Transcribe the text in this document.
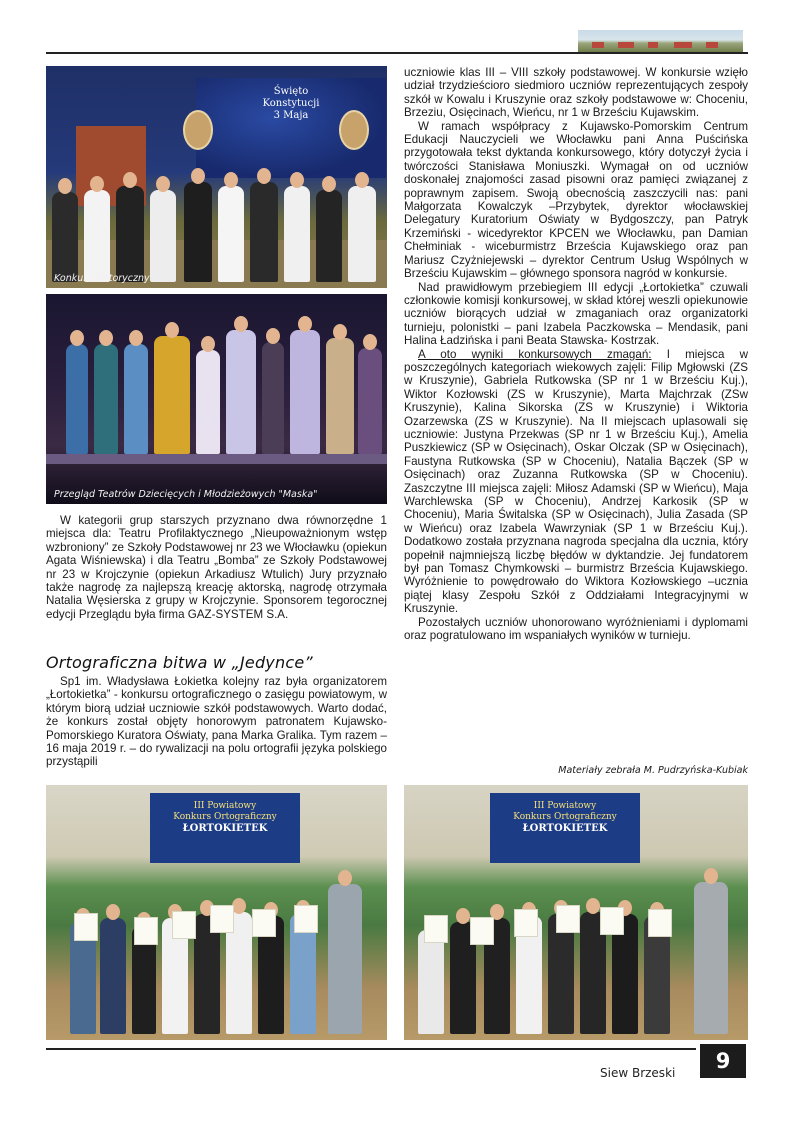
Święto
Konstytucji
3 Maja
Konkurs historyczny
Przegląd Teatrów Dziecięcych i Młodzieżowych "Maska"

W kategorii grup starszych przyznano dwa równorzędne 1 miejsca dla: Teatru Profilaktycznego „Nieupoważnionym wstęp wzbroniony” ze Szkoły Podstawowej nr 23 we Włocławku (opiekun Agata Wiśniewska) i dla Teatru „Bomba” ze Szkoły Podstawowej nr 23 w Krojczynie (opiekun Arkadiusz Wtulich) Jury przyznało także nagrodę za najlepszą kreację aktorską, nagrodę otrzymała Natalia Węsierska z grupy w Krojczynie. Sponsorem tegorocznej edycji Przeglądu była firma GAZ-SYSTEM S.A.

Ortograficzna bitwa w „Jedynce”

Sp1 im. Władysława Łokietka kolejny raz była organizatorem „Łortokietka” - konkursu ortograficznego o zasięgu powiatowym, w którym biorą udział uczniowie szkół podstawowych. Warto dodać, że konkurs został objęty honorowym patronatem Kujawsko- Pomorskiego Kuratora Oświaty, pana Marka Gralika. Tym razem –16 maja 2019 r. – do rywalizacji na polu ortografii języka polskiego przystąpili

uczniowie klas III – VIII szkoły podstawowej. W konkursie wzięło udział trzydzieścioro siedmioro uczniów reprezentujących zespoły szkół w Kowalu i Kruszynie oraz szkoły podstawowe w: Choceniu, Brzeziu, Osięcinach, Wieńcu, nr 1 w Brześciu Kujawskim.

W ramach współpracy z Kujawsko-Pomorskim Centrum Edukacji Nauczycieli we Włocławku pani Anna Puścińska przygotowała tekst dyktanda konkursowego, który dotyczył życia i twórczości Stanisława Moniuszki. Wymagał on od uczniów doskonałej znajomości zasad pisowni oraz pamięci związanej z poprawnym zapisem. Swoją obecnością zaszczycili nas: pani Małgorzata Kowalczyk –Przybytek, dyrektor włocławskiej Delegatury Kuratorium Oświaty w Bydgoszczy, pan Patryk Krzemiński - wicedyrektor KPCEN we Włocławku, pan Damian Chełminiak - wiceburmistrz Brześcia Kujawskiego oraz pan Mariusz Czyżniejewski – dyrektor Centrum Usług Wspólnych w Brześciu Kujawskim – głównego sponsora nagród w konkursie.

Nad prawidłowym przebiegiem III edycji „Łortokietka” czuwali członkowie komisji konkursowej, w skład której weszli opiekunowie uczniów biorących udział w zmaganiach oraz organizatorki turnieju, polonistki – pani Izabela Paczkowska – Mendasik, pani Halina Ładzińska i pani Beata Stawska- Kostrzak.

A oto wyniki konkursowych zmagań: I miejsca w poszczególnych kategoriach wiekowych zajęli: Filip Mgłowski (ZS w Kruszynie), Gabriela Rutkowska (SP nr 1 w Brześciu Kuj.), Wiktor Kozłowski (ZS w Kruszynie), Marta Majchrzak (ZSw Kruszynie), Kalina Sikorska (ZS w Kruszynie) i Wiktoria Ozarzewska (ZS w Kruszynie). Na II miejscach uplasowali się uczniowie: Justyna Przekwas (SP nr 1 w Brześciu Kuj.), Amelia Puszkiewicz (SP w Osięcinach), Oskar Olczak (SP w Osięcinach), Faustyna Rutkowska (SP w Choceniu), Natalia Bączek (SP w Osięcinach) oraz Zuzanna Rutkowska (SP w Choceniu). Zaszczytne III miejsca zajęli: Miłosz Adamski (SP w Wieńcu), Maja Warchlewska (SP w Choceniu), Andrzej Karkosik (SP w Choceniu), Maria Świtalska (SP w Osięcinach), Julia Zasada (SP w Wieńcu) oraz Izabela Wawrzyniak (SP 1 w Brześciu Kuj.). Dodatkowo została przyznana nagroda specjalna dla ucznia, który popełnił najmniejszą liczbę błędów w dyktandzie. Jej fundatorem był pan Tomasz Chymkowski – burmistrz Brześcia Kujawskiego. Wyróżnienie to powędrowało do Wiktora Kozłowskiego –ucznia piątej klasy Zespołu Szkół z Oddziałami Integracyjnymi w Kruszynie.

Pozostałych uczniów uhonorowano wyróżnieniami i dyplomami oraz pogratulowano im wspaniałych wyników w turnieju.

Materiały zebrała M. Pudrzyńska-Kubiak
III Powiatowy
Konkurs Ortograficzny
ŁORTOKIETEK
III Powiatowy
Konkurs Ortograficzny
ŁORTOKIETEK
9
Siew Brzeski
